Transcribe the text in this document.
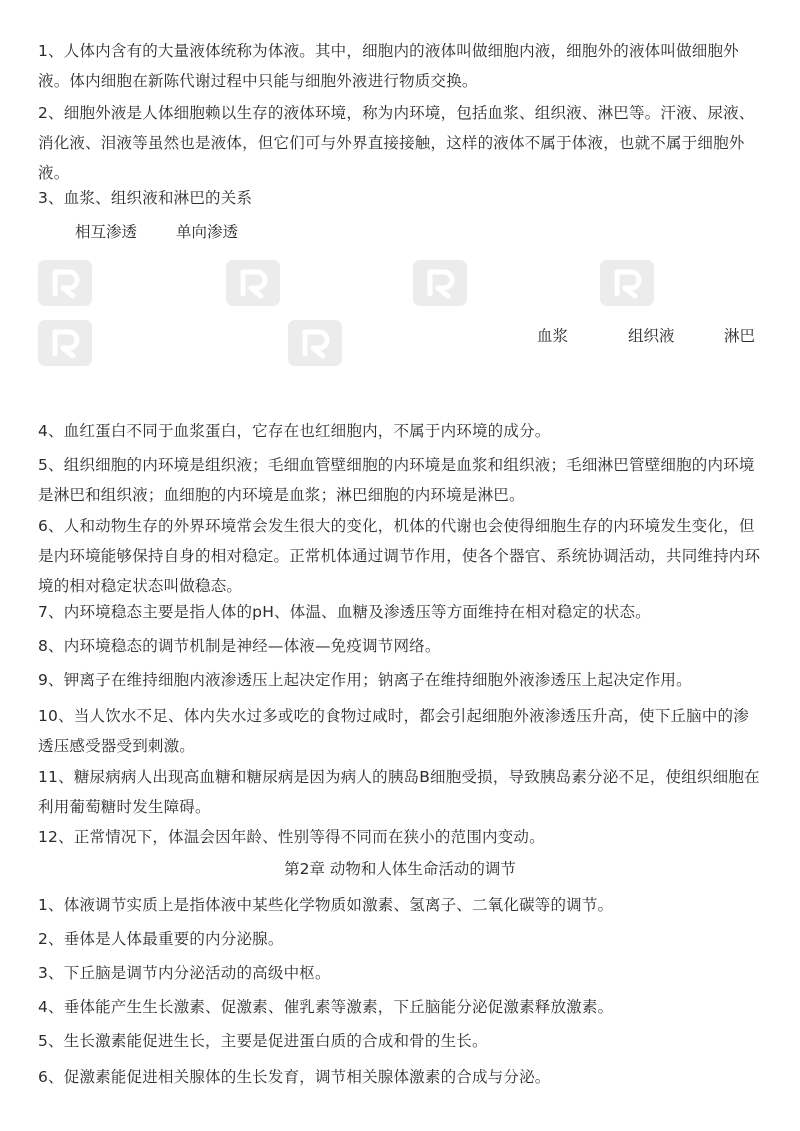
1、人体内含有的大量液体统称为体液。其中，细胞内的液体叫做细胞内液，细胞外的液体叫做细胞外液。体内细胞在新陈代谢过程中只能与细胞外液进行物质交换。

2、细胞外液是人体细胞赖以生存的液体环境，称为内环境，包括血浆、组织液、淋巴等。汗液、尿液、消化液、泪液等虽然也是液体，但它们可与外界直接接触，这样的液体不属于体液，也就不属于细胞外液。

3、血浆、组织液和淋巴的关系

相互渗透	单向渗透
血浆	组织液	淋巴

4、血红蛋白不同于血浆蛋白，它存在也红细胞内，不属于内环境的成分。

5、组织细胞的内环境是组织液；毛细血管壁细胞的内环境是血浆和组织液；毛细淋巴管壁细胞的内环境是淋巴和组织液；血细胞的内环境是血浆；淋巴细胞的内环境是淋巴。

6、人和动物生存的外界环境常会发生很大的变化，机体的代谢也会使得细胞生存的内环境发生变化，但是内环境能够保持自身的相对稳定。正常机体通过调节作用，使各个器官、系统协调活动，共同维持内环境的相对稳定状态叫做稳态。

7、内环境稳态主要是指人体的pH、体温、血糖及渗透压等方面维持在相对稳定的状态。

8、内环境稳态的调节机制是神经—体液—免疫调节网络。

9、钾离子在维持细胞内液渗透压上起决定作用；钠离子在维持细胞外液渗透压上起决定作用。

10、当人饮水不足、体内失水过多或吃的食物过咸时，都会引起细胞外液渗透压升高，使下丘脑中的渗透压感受器受到刺激。

11、糖尿病病人出现高血糖和糖尿病是因为病人的胰岛B细胞受损，导致胰岛素分泌不足，使组织细胞在利用葡萄糖时发生障碍。

12、正常情况下，体温会因年龄、性别等得不同而在狭小的范围内变动。

第2章 动物和人体生命活动的调节

1、体液调节实质上是指体液中某些化学物质如激素、氢离子、二氧化碳等的调节。

2、垂体是人体最重要的内分泌腺。

3、下丘脑是调节内分泌活动的高级中枢。

4、垂体能产生生长激素、促激素、催乳素等激素，下丘脑能分泌促激素释放激素。

5、生长激素能促进生长，主要是促进蛋白质的合成和骨的生长。

6、促激素能促进相关腺体的生长发育，调节相关腺体激素的合成与分泌。
